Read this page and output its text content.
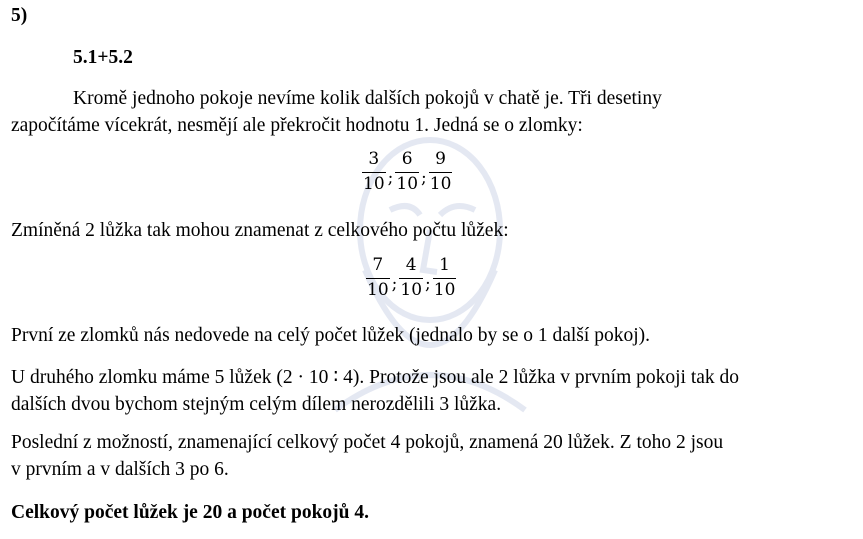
5)
5.1+5.2
Kromě jednoho pokoje nevíme kolik dalších pokojů v chatě je. Tři desetiny
započítáme vícekrát, nesmějí ale překročit hodnotu 1. Jedná se o zlomky:
$\frac{3}{10}$ ; $\frac{6}{10}$ ; $\frac{9}{10}$
Zmíněná 2 lůžka tak mohou znamenat z celkového počtu lůžek:
$\frac{7}{10}$ ; $\frac{4}{10}$ ; $\frac{1}{10}$
První ze zlomků nás nedovede na celý počet lůžek (jednalo by se o 1 další pokoj).
U druhého zlomku máme 5 lůžek (2 · 10 ∶ 4). Protože jsou ale 2 lůžka v prvním pokoji tak do
dalších dvou bychom stejným celým dílem nerozdělili 3 lůžka.
Poslední z možností, znamenající celkový počet 4 pokojů, znamená 20 lůžek. Z toho 2 jsou
v prvním a v dalších 3 po 6.
Celkový počet lůžek je 20 a počet pokojů 4.
